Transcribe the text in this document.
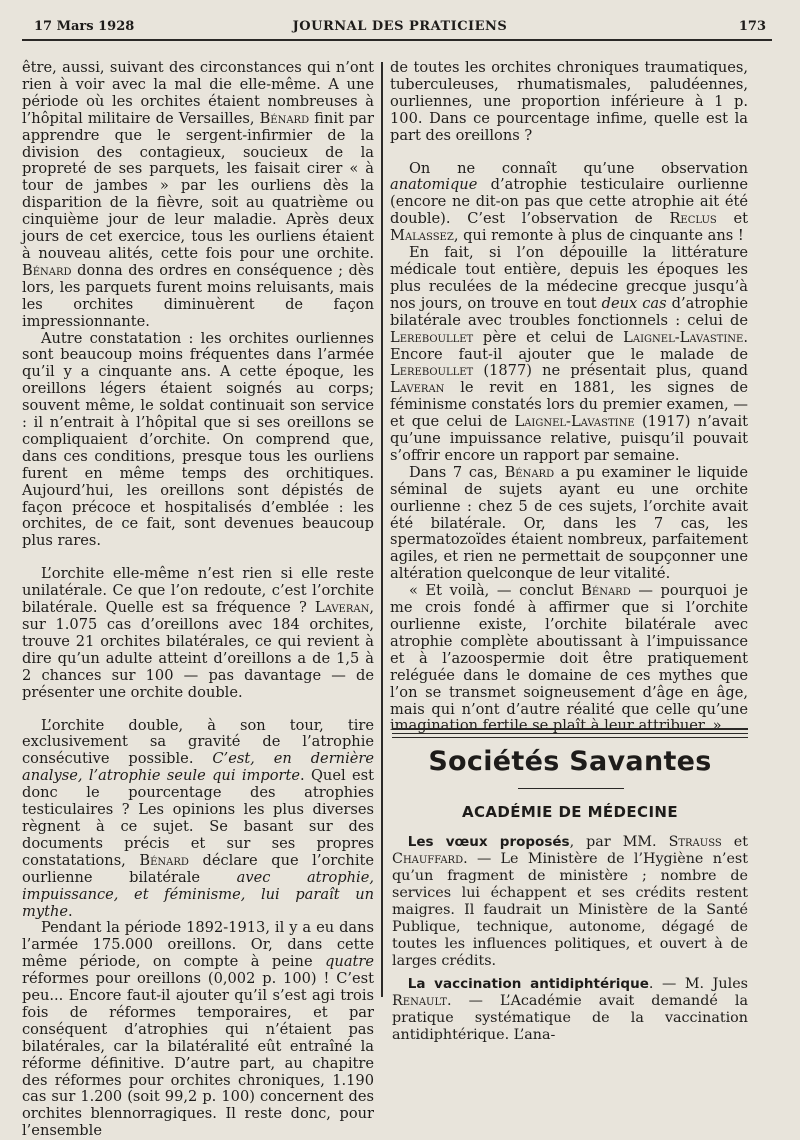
17 Mars 1928	JOURNAL DES PRATICIENS	173

être, aussi, suivant des circonstances qui n’ont rien à voir avec la mal die elle-même. A une période où les orchites étaient nombreuses à l’hôpital militaire de Versailles, Bénard finit par apprendre que le sergent-infirmier de la division des contagieux, soucieux de la propreté de ses parquets, les faisait cirer « à tour de jambes » par les ourliens dès la disparition de la fièvre, soit au quatrième ou cinquième jour de leur maladie. Après deux jours de cet exercice, tous les ourliens étaient à nouveau alités, cette fois pour une orchite. Bénard donna des ordres en conséquence ; dès lors, les parquets furent moins reluisants, mais les orchites diminuèrent de façon impressionnante.

Autre constatation : les orchites ourliennes sont beaucoup moins fréquentes dans l’armée qu’il y a cinquante ans. A cette époque, les oreillons légers étaient soignés au corps; souvent même, le soldat continuait son service : il n’entrait à l’hôpital que si ses oreillons se compliquaient d’orchite. On comprend que, dans ces conditions, presque tous les ourliens furent en même temps des orchitiques. Aujourd’hui, les oreillons sont dépistés de façon précoce et hospitalisés d’emblée : les orchites, de ce fait, sont devenues beaucoup plus rares.

L’orchite elle-même n’est rien si elle reste unilatérale. Ce que l’on redoute, c’est l’orchite bilatérale. Quelle est sa fréquence ? Laveran, sur 1.075 cas d’oreillons avec 184 orchites, trouve 21 orchites bilatérales, ce qui revient à dire qu’un adulte atteint d’oreillons a de 1,5 à 2 chances sur 100 — pas davantage — de présenter une orchite double.

L’orchite double, à son tour, tire exclusivement sa gravité de l’atrophie consécutive possible. C’est, en dernière analyse, l’atrophie seule qui importe. Quel est donc le pourcentage des atrophies testiculaires ? Les opinions les plus diverses règnent à ce sujet. Se basant sur des documents précis et sur ses propres constatations, Bénard déclare que l’orchite ourlienne bilatérale avec atrophie, impuissance, et féminisme, lui paraît un mythe.

Pendant la période 1892-1913, il y a eu dans l’armée 175.000 oreillons. Or, dans cette même période, on compte à peine quatre réformes pour oreillons (0,002 p. 100) ! C’est peu... Encore faut-il ajouter qu’il s’est agi trois fois de réformes temporaires, et par conséquent d’atrophies qui n’étaient pas bilatérales, car la bilatéralité eût entraîné la réforme définitive. D’autre part, au chapitre des réformes pour orchites chroniques, 1.190 cas sur 1.200 (soit 99,2 p. 100) concernent des orchites blennorragiques. Il reste donc, pour l’ensemble

de toutes les orchites chroniques traumatiques, tuberculeuses, rhumatismales, paludéennes, ourliennes, une proportion inférieure à 1 p. 100. Dans ce pourcentage infime, quelle est la part des oreillons ?

On ne connaît qu’une observation anatomique d’atrophie testiculaire ourlienne (encore ne dit-on pas que cette atrophie ait été double). C’est l’observation de Reclus et Malassez, qui remonte à plus de cinquante ans !

En fait, si l’on dépouille la littérature médicale tout entière, depuis les époques les plus reculées de la médecine grecque jusqu’à nos jours, on trouve en tout deux cas d’atrophie bilatérale avec troubles fonctionnels : celui de Lereboullet père et celui de Laignel-Lavastine. Encore faut-il ajouter que le malade de Lereboullet (1877) ne présentait plus, quand Laveran le revit en 1881, les signes de féminisme constatés lors du premier examen, — et que celui de Laignel-Lavastine (1917) n’avait qu’une impuissance relative, puisqu’il pouvait s’offrir encore un rapport par semaine.

Dans 7 cas, Bénard a pu examiner le liquide séminal de sujets ayant eu une orchite ourlienne : chez 5 de ces sujets, l’orchite avait été bilatérale. Or, dans les 7 cas, les spermatozoïdes étaient nombreux, parfaitement agiles, et rien ne permettait de soupçonner une altération quelconque de leur vitalité.

« Et voilà, — conclut Bénard — pourquoi je me crois fondé à affirmer que si l’orchite ourlienne existe, l’orchite bilatérale avec atrophie complète aboutissant à l’impuissance et à l’azoospermie doit être pratiquement reléguée dans le domaine de ces mythes que l’on se transmet soigneusement d’âge en âge, mais qui n’ont d’autre réalité que celle qu’une imagination fertile se plaît à leur attribuer. »

Sociétés Savantes
ACADÉMIE DE MÉDECINE

Les vœux proposés, par MM. Strauss et Chauffard. — Le Ministère de l’Hygiène n’est qu’un fragment de ministère ; nombre de services lui échappent et ses crédits restent maigres. Il faudrait un Ministère de la Santé Publique, technique, autonome, dégagé de toutes les influences politiques, et ouvert à de larges crédits.

La vaccination antidiphtérique. — M. Jules Renault. — L’Académie avait demandé la pratique systématique de la vaccination antidiphtérique. L’ana-
